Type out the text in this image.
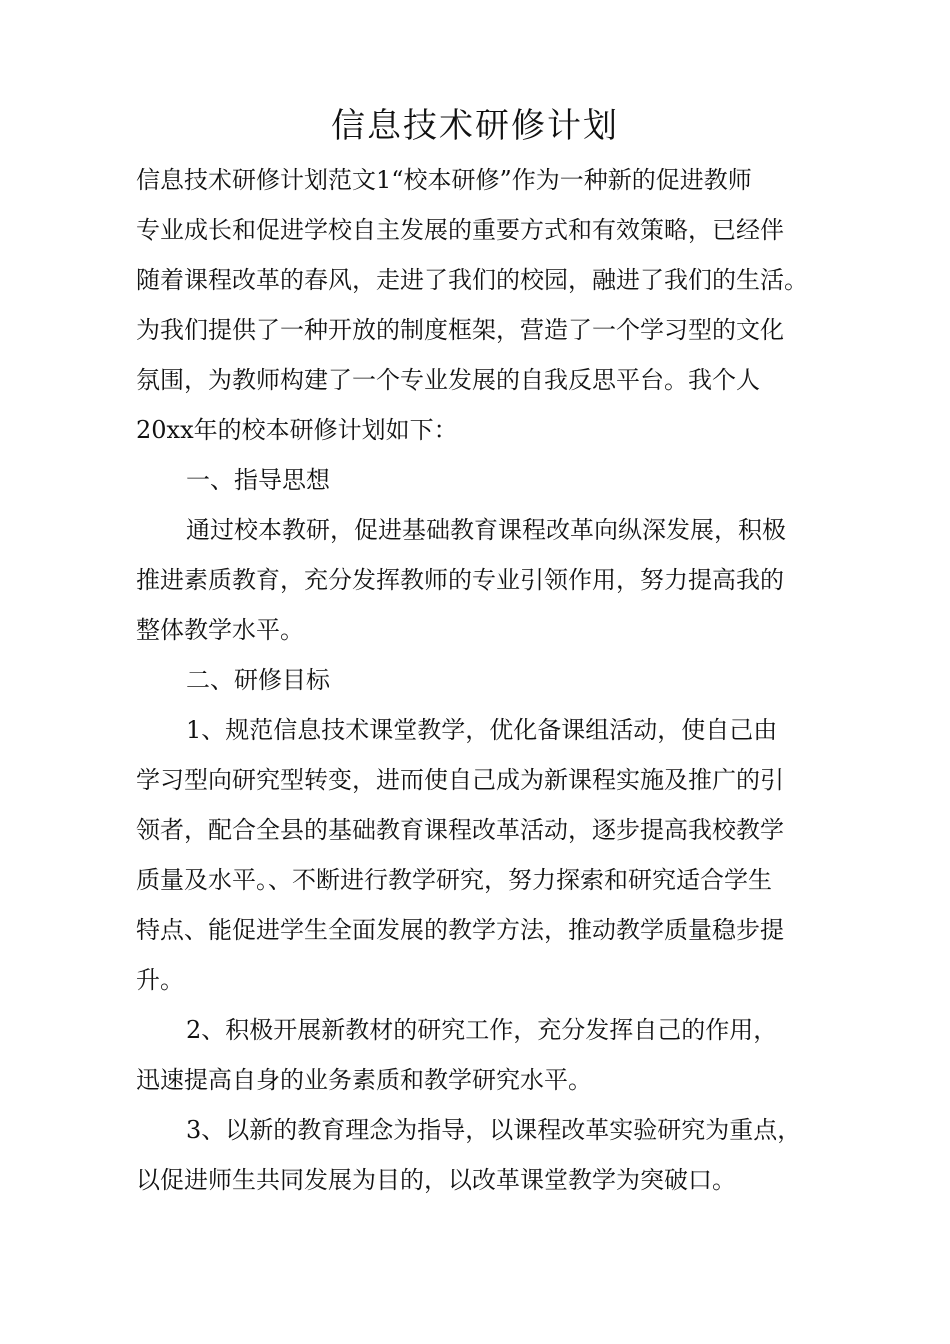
信息技术研修计划

信息技术研修计划范文1“校本研修”作为一种新的促进教师

专业成长和促进学校自主发展的重要方式和有效策略，已经伴

随着课程改革的春风，走进了我们的校园，融进了我们的生活。

为我们提供了一种开放的制度框架，营造了一个学习型的文化

氛围，为教师构建了一个专业发展的自我反思平台。我个人

20xx年的校本研修计划如下：

一、指导思想

通过校本教研，促进基础教育课程改革向纵深发展，积极

推进素质教育，充分发挥教师的专业引领作用，努力提高我的

整体教学水平。

二、研修目标

1、规范信息技术课堂教学，优化备课组活动，使自己由

学习型向研究型转变，进而使自己成为新课程实施及推广的引

领者，配合全县的基础教育课程改革活动，逐步提高我校教学

质量及水平。、不断进行教学研究，努力探索和研究适合学生

特点、能促进学生全面发展的教学方法，推动教学质量稳步提

升。

2、积极开展新教材的研究工作，充分发挥自己的作用，

迅速提高自身的业务素质和教学研究水平。

3、以新的教育理念为指导，以课程改革实验研究为重点，

以促进师生共同发展为目的，以改革课堂教学为突破口。
